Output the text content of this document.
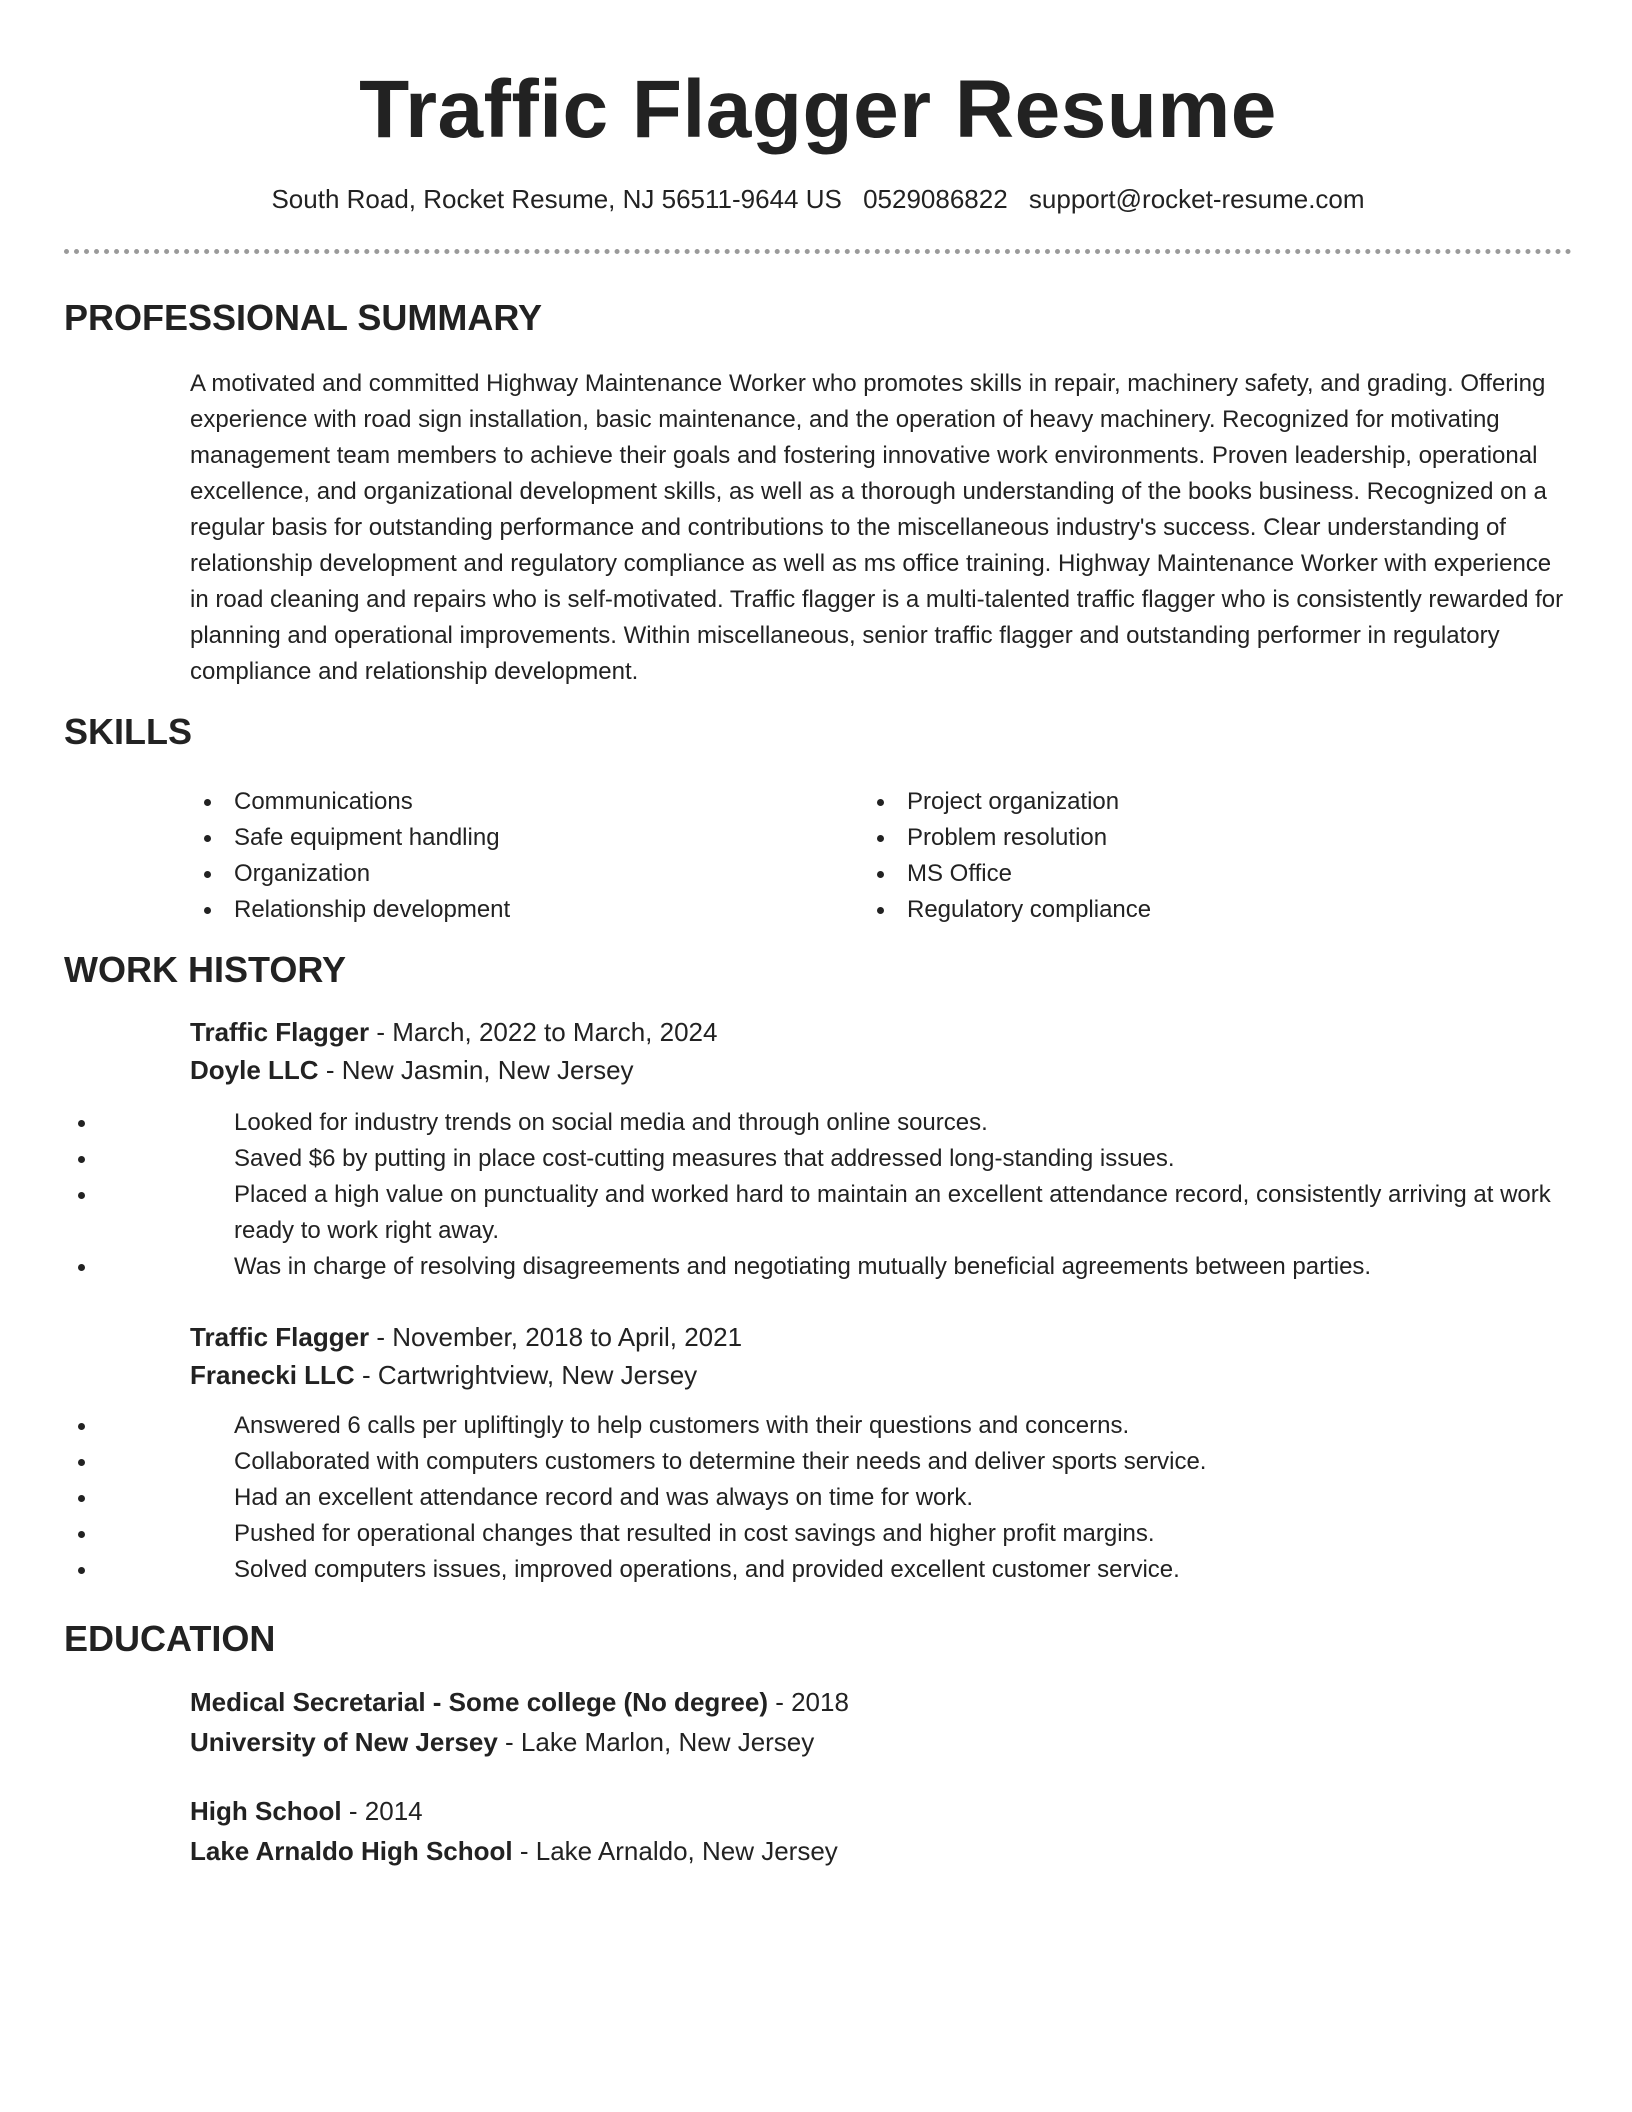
Traffic Flagger Resume
South Road, Rocket Resume, NJ 56511-9644 US 0529086822 support@rocket-resume.com
PROFESSIONAL SUMMARY

A motivated and committed Highway Maintenance Worker who promotes skills in repair, machinery safety, and grading. Offering experience with road sign installation, basic maintenance, and the operation of heavy machinery. Recognized for motivating management team members to achieve their goals and fostering innovative work environments. Proven leadership, operational excellence, and organizational development skills, as well as a thorough understanding of the books business. Recognized on a regular basis for outstanding performance and contributions to the miscellaneous industry's success. Clear understanding of relationship development and regulatory compliance as well as ms office training. Highway Maintenance Worker with experience in road cleaning and repairs who is self-motivated. Traffic flagger is a multi-talented traffic flagger who is consistently rewarded for planning and operational improvements. Within miscellaneous, senior traffic flagger and outstanding performer in regulatory compliance and relationship development.

SKILLS
Communications
Safe equipment handling
Organization
Relationship development
Project organization
Problem resolution
MS Office
Regulatory compliance
WORK HISTORY
Traffic Flagger - March, 2022 to March, 2024
Doyle LLC - New Jasmin, New Jersey
Looked for industry trends on social media and through online sources.
Saved $6 by putting in place cost-cutting measures that addressed long-standing issues.
Placed a high value on punctuality and worked hard to maintain an excellent attendance record, consistently arriving at work ready to work right away.
Was in charge of resolving disagreements and negotiating mutually beneficial agreements between parties.
Traffic Flagger - November, 2018 to April, 2021
Franecki LLC - Cartwrightview, New Jersey
Answered 6 calls per upliftingly to help customers with their questions and concerns.
Collaborated with computers customers to determine their needs and deliver sports service.
Had an excellent attendance record and was always on time for work.
Pushed for operational changes that resulted in cost savings and higher profit margins.
Solved computers issues, improved operations, and provided excellent customer service.
EDUCATION
Medical Secretarial - Some college (No degree) - 2018
University of New Jersey - Lake Marlon, New Jersey
High School - 2014
Lake Arnaldo High School - Lake Arnaldo, New Jersey
